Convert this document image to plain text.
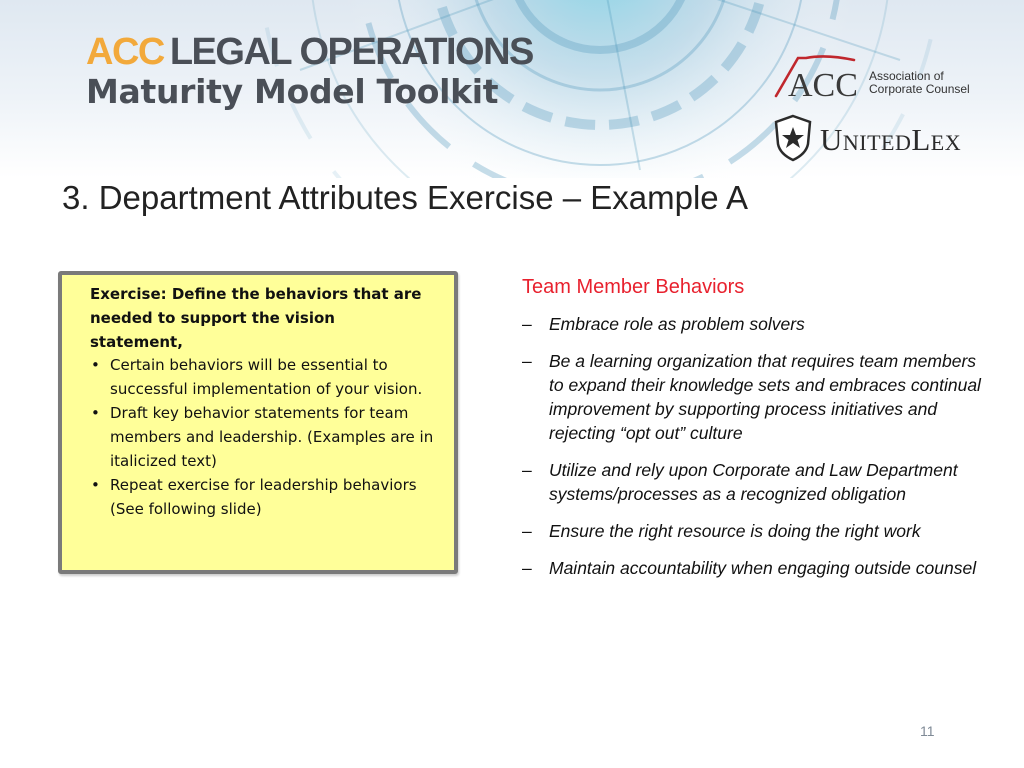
ACC LEGAL OPERATIONS
Maturity Model Toolkit	ACC Association of
Corporate Counsel
UnitedLex
3. Department Attributes Exercise – Example A
Exercise: Define the behaviors that are needed to support the vision statement,
• Certain behaviors will be essential to successful implementation of your vision.
• Draft key behavior statements for team members and leadership. (Examples are in italicized text)
• Repeat exercise for leadership behaviors (See following slide)
Team Member Behaviors
– Embrace role as problem solvers
– Be a learning organization that requires team members to expand their knowledge sets and embraces continual improvement by supporting process initiatives and rejecting “opt out” culture
– Utilize and rely upon Corporate and Law Department systems/processes as a recognized obligation
– Ensure the right resource is doing the right work
– Maintain accountability when engaging outside counsel
11
